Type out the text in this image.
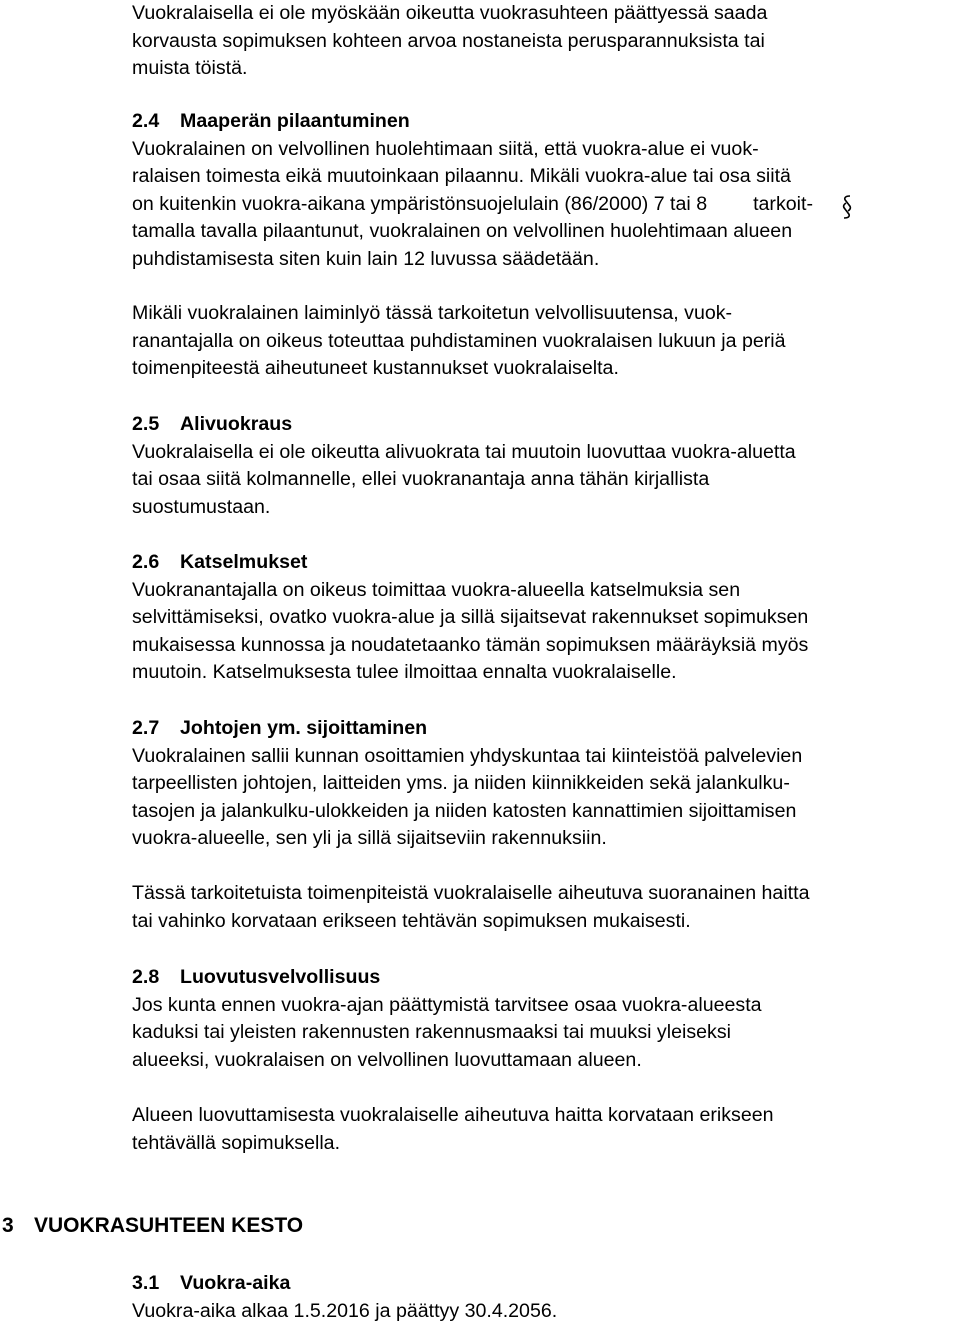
Vuokralaisella ei ole myöskään oikeutta vuokrasuhteen päättyessä saada
korvausta sopimuksen kohteen arvoa nostaneista perusparannuksista tai
muista töistä.

2.4 Maaperän pilaantuminen
Vuokralainen on velvollinen huolehtimaan siitä, että vuokra-alue ei vuok-
ralaisen toimesta eikä muutoinkaan pilaannu. Mikäli vuokra-alue tai osa siitä
on kuitenkin vuokra-aikana ympäristönsuojelulain (86/2000) 7 tai 8 tarkoit-
tamalla tavalla pilaantunut, vuokralainen on velvollinen huolehtimaan alueen
puhdistamisesta siten kuin lain 12 luvussa säädetään.

Mikäli vuokralainen laiminlyö tässä tarkoitetun velvollisuutensa, vuok-
ranantajalla on oikeus toteuttaa puhdistaminen vuokralaisen lukuun ja periä
toimenpiteestä aiheutuneet kustannukset vuokralaiselta.

2.5 Alivuokraus
Vuokralaisella ei ole oikeutta alivuokrata tai muutoin luovuttaa vuokra-aluetta
tai osaa siitä kolmannelle, ellei vuokranantaja anna tähän kirjallista
suostumustaan.
2.6 Katselmukset
Vuokranantajalla on oikeus toimittaa vuokra-alueella katselmuksia sen
selvittämiseksi, ovatko vuokra-alue ja sillä sijaitsevat rakennukset sopimuksen
mukaisessa kunnossa ja noudatetaanko tämän sopimuksen määräyksiä myös
muutoin. Katselmuksesta tulee ilmoittaa ennalta vuokralaiselle.
2.7 Johtojen ym. sijoittaminen
Vuokralainen sallii kunnan osoittamien yhdyskuntaa tai kiinteistöä palvelevien
tarpeellisten johtojen, laitteiden yms. ja niiden kiinnikkeiden sekä jalankulku-
tasojen ja jalankulku-ulokkeiden ja niiden katosten kannattimien sijoittamisen
vuokra-alueelle, sen yli ja sillä sijaitseviin rakennuksiin.

Tässä tarkoitetuista toimenpiteistä vuokralaiselle aiheutuva suoranainen haitta
tai vahinko korvataan erikseen tehtävän sopimuksen mukaisesti.

2.8 Luovutusvelvollisuus
Jos kunta ennen vuokra-ajan päättymistä tarvitsee osaa vuokra-alueesta
kaduksi tai yleisten rakennusten rakennusmaaksi tai muuksi yleiseksi
alueeksi, vuokralaisen on velvollinen luovuttamaan alueen.

Alueen luovuttamisesta vuokralaiselle aiheutuva haitta korvataan erikseen
tehtävällä sopimuksella.

3 VUOKRASUHTEEN KESTO
3.1 Vuokra-aika
Vuokra-aika alkaa 1.5.2016 ja päättyy 30.4.2056.
